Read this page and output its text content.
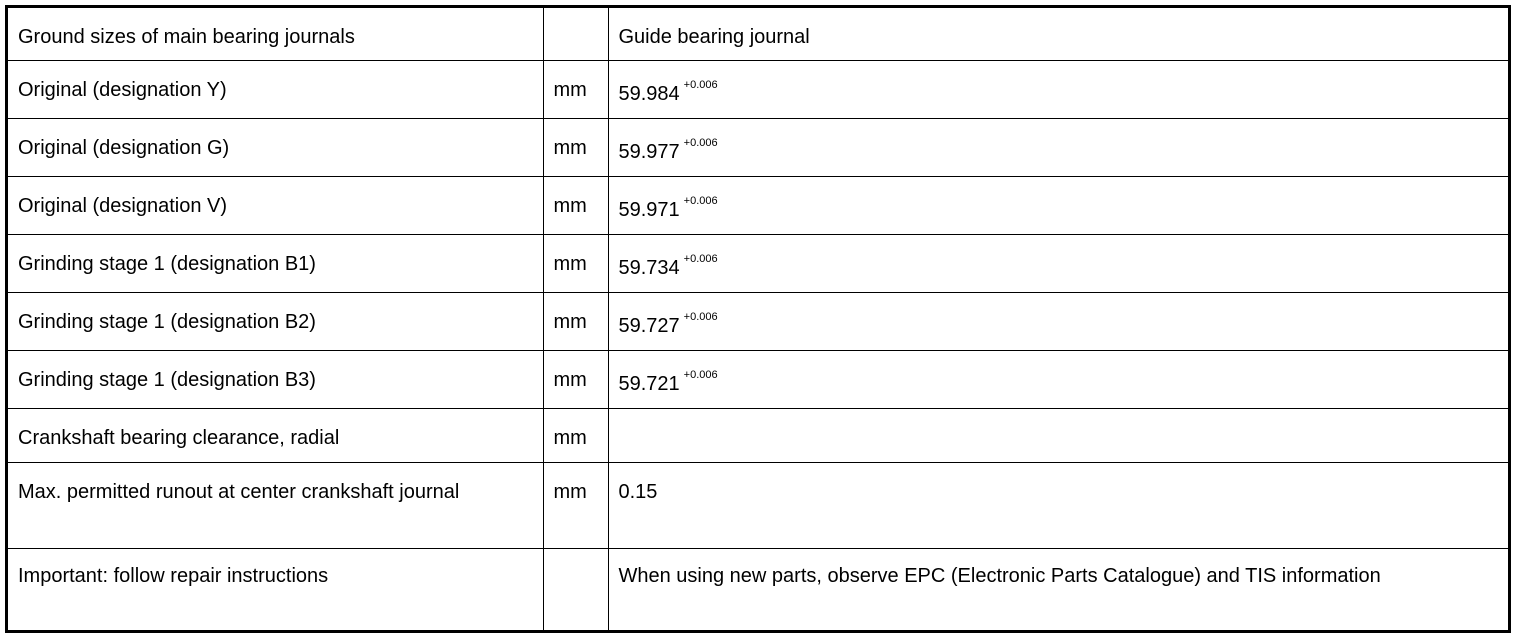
Ground sizes of main bearing journals		Guide bearing journal
Original (designation Y)	mm	59.984 $^{+0.006}$
Original (designation G)	mm	59.977 $^{+0.006}$
Original (designation V)	mm	59.971 $^{+0.006}$
Grinding stage 1 (designation B1)	mm	59.734 $^{+0.006}$
Grinding stage 1 (designation B2)	mm	59.727 $^{+0.006}$
Grinding stage 1 (designation B3)	mm	59.721 $^{+0.006}$
Crankshaft bearing clearance, radial	mm	
Max. permitted runout at center crankshaft journal	mm	0.15
Important: follow repair instructions		When using new parts, observe EPC (Electronic Parts Catalogue) and TIS information
